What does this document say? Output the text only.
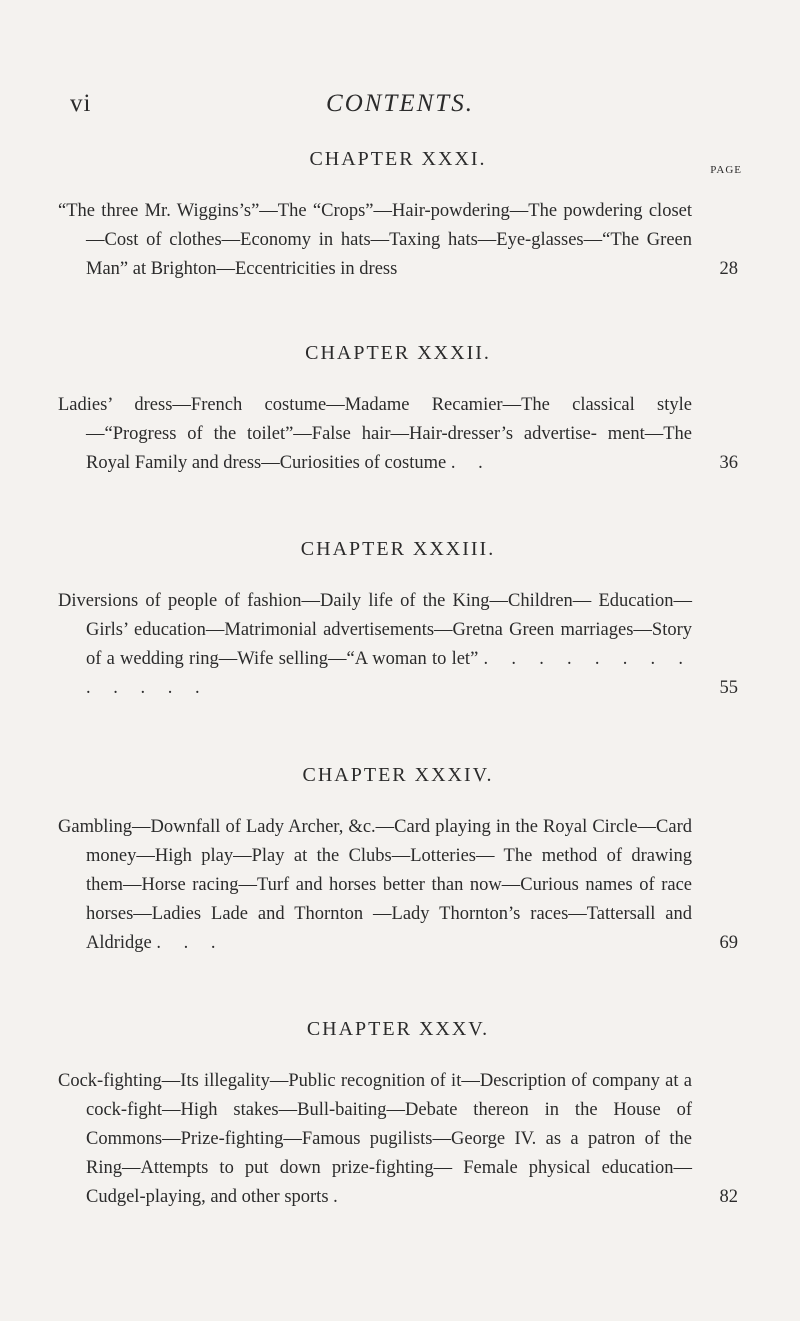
vi	CONTENTS.
PAGE
CHAPTER XXXI.

“The three Mr. Wiggins’s”—The “Crops”—Hair-powdering—The powdering closet—Cost of clothes—Economy in hats—Taxing hats—Eye-glasses—“The Green Man” at Brighton—Eccentricities in dress	28

CHAPTER XXXII.

Ladies’ dress—French costume—Madame Recamier—The classical style —“Progress of the toilet”—False hair—Hair-dresser’s advertise- ment—The Royal Family and dress—Curiosities of costume . .	36

CHAPTER XXXIII.

Diversions of people of fashion—Daily life of the King—Children— Education—Girls’ education—Matrimonial advertisements—Gretna Green marriages—Story of a wedding ring—Wife selling—“A woman to let” . . . . . . . . . . . . .	55

CHAPTER XXXIV.

Gambling—Downfall of Lady Archer, &c.—Card playing in the Royal Circle—Card money—High play—Play at the Clubs—Lotteries— The method of drawing them—Horse racing—Turf and horses better than now—Curious names of race horses—Ladies Lade and Thornton —Lady Thornton’s races—Tattersall and Aldridge . . .	69

CHAPTER XXXV.

Cock-fighting—Its illegality—Public recognition of it—Description of company at a cock-fight—High stakes—Bull-baiting—Debate thereon in the House of Commons—Prize-fighting—Famous pugilists—George IV. as a patron of the Ring—Attempts to put down prize-fighting— Female physical education—Cudgel-playing, and other sports .	82
